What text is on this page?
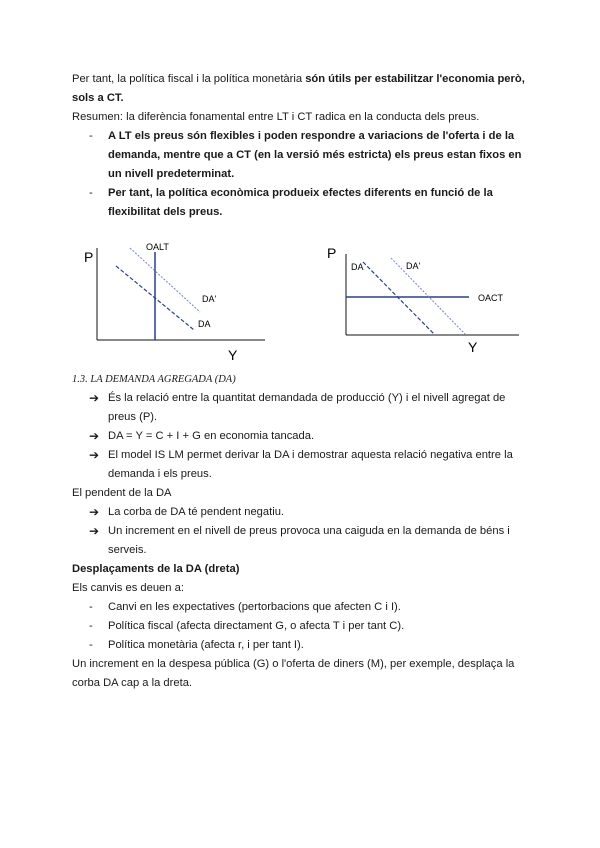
Per tant, la política fiscal i la política monetària són útils per estabilitzar l'economia però, sols a CT.

Resumen: la diferència fonamental entre LT i CT radica en la conducta dels preus.

- A LT els preus són flexibles i poden respondre a variacions de l'oferta i de la demanda, mentre que a CT (en la versió més estricta) els preus estan fixos en un nivell predeterminat.
- Per tant, la política econòmica produeix efectes diferents en funció de la flexibilitat dels preus.
P
Y
OALT
DA'
DA
P
Y
OACT
DA	DA'

1.3. LA DEMANDA AGREGADA (DA)

➔ És la relació entre la quantitat demandada de producció (Y) i el nivell agregat de preus (P).
➔ DA = Y = C + I + G en economia tancada.
➔ El model IS LM permet derivar la DA i demostrar aquesta relació negativa entre la demanda i els preus.

El pendent de la DA

➔ La corba de DA té pendent negatiu.
➔ Un increment en el nivell de preus provoca una caiguda en la demanda de béns i serveis.

Desplaçaments de la DA (dreta)

Els canvis es deuen a:

- Canvi en les expectatives (pertorbacions que afecten C i I).
- Política fiscal (afecta directament G, o afecta T i per tant C).
- Política monetària (afecta r, i per tant I).

Un increment en la despesa pública (G) o l'oferta de diners (M), per exemple, desplaça la corba DA cap a la dreta.
